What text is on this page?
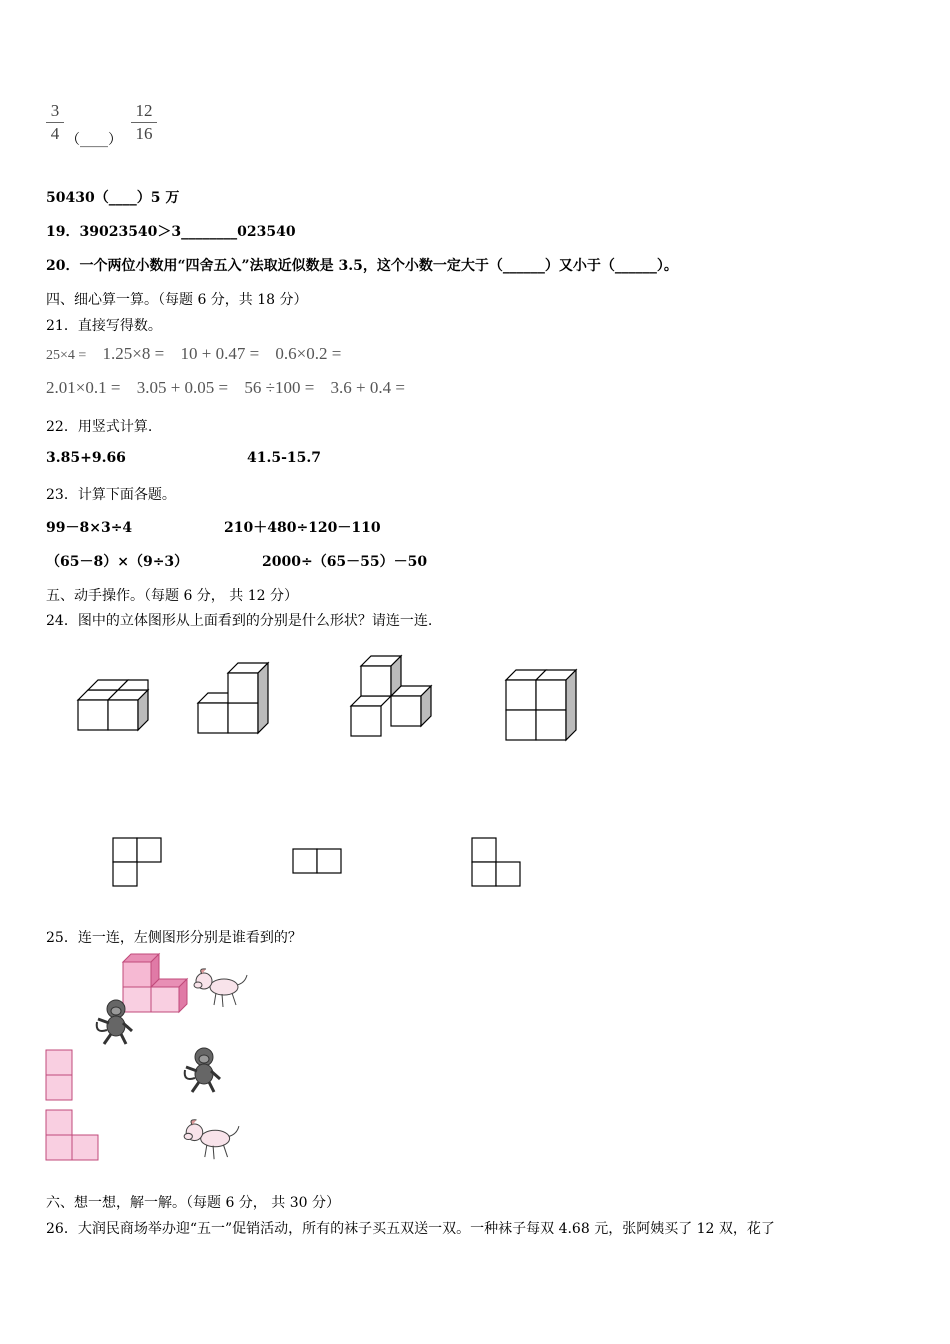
3
4 （____）
12
16
50430（____）5 万
19．39023540＞3________023540
20．一个两位小数用“四舍五入”法取近似数是 3.5，这个小数一定大于（______）又小于（______）。
四、细心算一算。（每题 6 分，共 18 分）
21．直接写得数。
25×4 = 1.25×8 = 10 + 0.47 = 0.6×0.2 =
2.01×0.1 = 3.05 + 0.05 = 56 ÷100 = 3.6 + 0.4 =
22．用竖式计算.
3.85+9.66	41.5-15.7
23．计算下面各题。
99－8×3÷4	210＋480÷120－110
（65－8）×（9÷3）	2000÷（65－55）－50
五、动手操作。（每题 6 分， 共 12 分）
24．图中的立体图形从上面看到的分别是什么形状？请连一连.
25．连一连，左侧图形分别是谁看到的？
六、想一想，解一解。（每题 6 分， 共 30 分）
26．大润民商场举办迎“五一”促销活动，所有的袜子买五双送一双。一种袜子每双 4.68 元，张阿姨买了 12 双，花了
